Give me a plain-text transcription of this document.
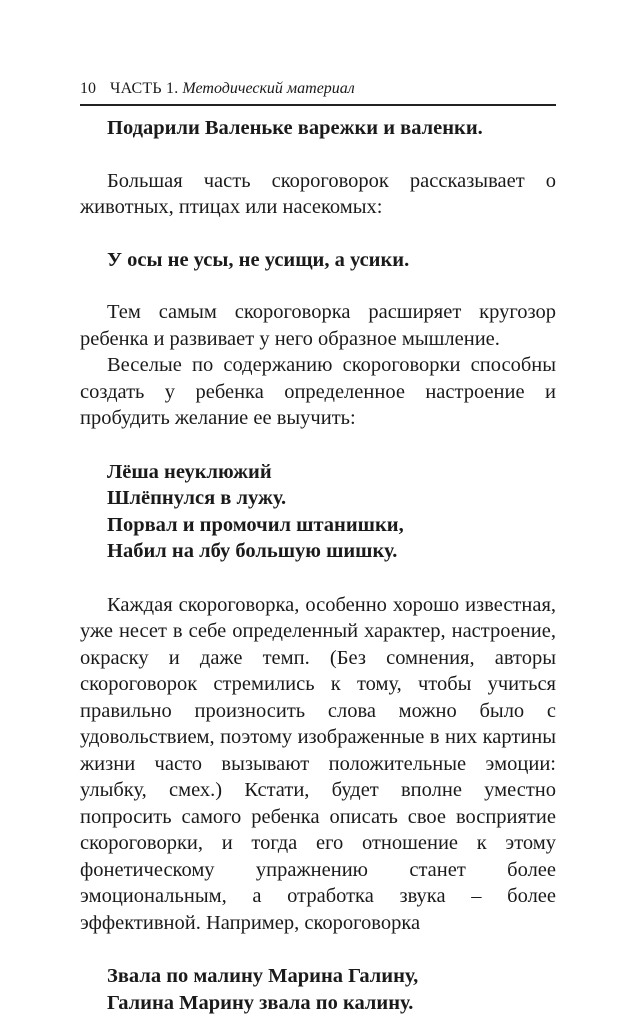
10 ЧАСТЬ 1. Методический материал

Подарили Валеньке варежки и валенки.

Большая часть скороговорок рассказывает о животных, птицах или насекомых:

У осы не усы, не усищи, а усики.

Тем самым скороговорка расширяет кругозор ребенка и развивает у него образное мышление.

Веселые по содержанию скороговорки способны создать у ребенка определенное настроение и пробудить желание ее выучить:

Лёша неуклюжий
Шлёпнулся в лужу.
Порвал и промочил штанишки,
Набил на лбу большую шишку.

Каждая скороговорка, особенно хорошо известная, уже несет в себе определенный характер, настроение, окраску и даже темп. (Без сомнения, авторы скороговорок стремились к тому, чтобы учиться правильно произносить слова можно было с удовольствием, поэтому изображенные в них картины жизни часто вызывают положительные эмоции: улыбку, смех.) Кстати, будет вполне уместно попросить самого ребенка описать свое восприятие скороговорки, и тогда его отношение к этому фонетическому упражнению станет более эмоциональным, а отработка звука – более эффективной. Например, скороговорка

Звала по малину Марина Галину,
Галина Марину звала по калину.
